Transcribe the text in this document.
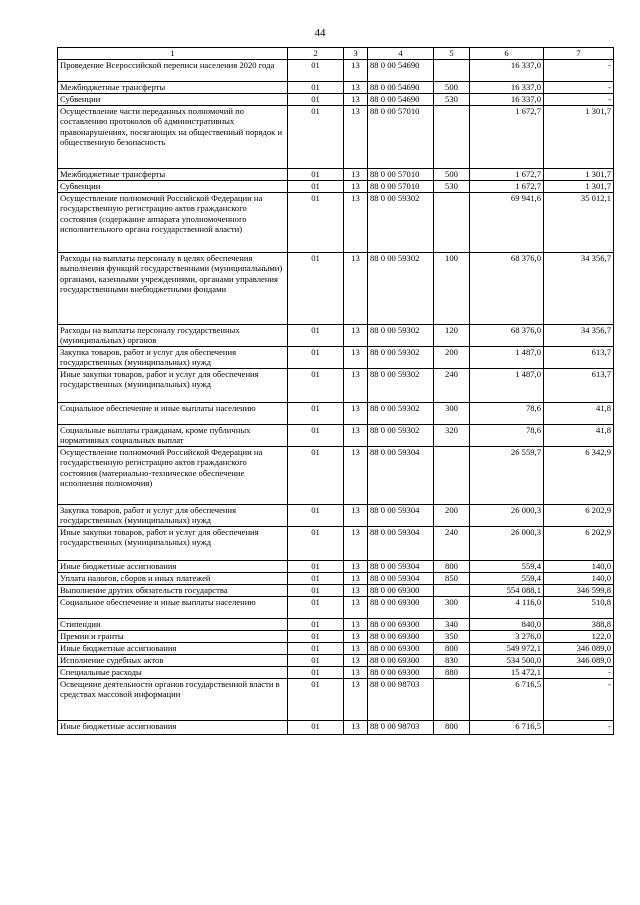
44
1	2	3	4	5	6	7
Проведение Всероссийской переписи населения 2020 года	01	13	88 0 00 54690		16 337,0	-
Межбюджетные трансферты	01	13	88 0 00 54690	500	16 337,0	-
Субвенции	01	13	88 0 00 54690	530	16 337,0	-
Осуществление части переданных полномочий по составлению протоколов об административных правонарушениях, посягающих на общественный порядок и общественную безопасность	01	13	88 0 00 57010		1 672,7	1 301,7
Межбюджетные трансферты	01	13	88 0 00 57010	500	1 672,7	1 301,7
Субвенции	01	13	88 0 00 57010	530	1 672,7	1 301,7
Осуществление полномочий Российской Федерации на государственную регистрацию актов гражданского состояния (содержание аппарата уполномоченного исполнительного органа государственной власти)	01	13	88 0 00 59302		69 941,6	35 012,1
Расходы на выплаты персоналу в целях обеспечения выполнения функций государственными (муниципальными) органами, казенными учреждениями, органами управления государственными внебюджетными фондами	01	13	88 0 00 59302	100	68 376,0	34 356,7
Расходы на выплаты персоналу государственных (муниципальных) органов	01	13	88 0 00 59302	120	68 376,0	34 356,7
Закупка товаров, работ и услуг для обеспечения государственных (муниципальных) нужд	01	13	88 0 00 59302	200	1 487,0	613,7
Иные закупки товаров, работ и услуг для обеспечения государственных (муниципальных) нужд	01	13	88 0 00 59302	240	1 487,0	613,7
Социальное обеспечение и иные выплаты населению	01	13	88 0 00 59302	300	78,6	41,8
Социальные выплаты гражданам, кроме публичных нормативных социальных выплат	01	13	88 0 00 59302	320	78,6	41,8
Осуществление полномочий Российской Федерации на государственную регистрацию актов гражданского состояния (материально-техническое обеспечение исполнения полномочия)	01	13	88 0 00 59304		26 559,7	6 342,9
Закупка товаров, работ и услуг для обеспечения государственных (муниципальных) нужд	01	13	88 0 00 59304	200	26 000,3	6 202,9
Иные закупки товаров, работ и услуг для обеспечения государственных (муниципальных) нужд	01	13	88 0 00 59304	240	26 000,3	6 202,9
Иные бюджетные ассигнования	01	13	88 0 00 59304	800	559,4	140,0
Уплата налогов, сборов и иных платежей	01	13	88 0 00 59304	850	559,4	140,0
Выполнение других обязательств государства	01	13	88 0 00 69300		554 088,1	346 599,8
Социальное обеспечение и иные выплаты населению	01	13	88 0 00 69300	300	4 116,0	510,8
Стипендии	01	13	88 0 00 69300	340	840,0	388,8
Премии и гранты	01	13	88 0 00 69300	350	3 276,0	122,0
Иные бюджетные ассигнования	01	13	88 0 00 69300	800	549 972,1	346 089,0
Исполнение судебных актов	01	13	88 0 00 69300	830	534 500,0	346 089,0
Специальные расходы	01	13	88 0 00 69300	880	15 472,1	-
Освещение деятельности органов государственной власти в средствах массовой информации	01	13	88 0 00 98703		6 716,5	-
Иные бюджетные ассигнования	01	13	88 0 00 98703	800	6 716,5	-
